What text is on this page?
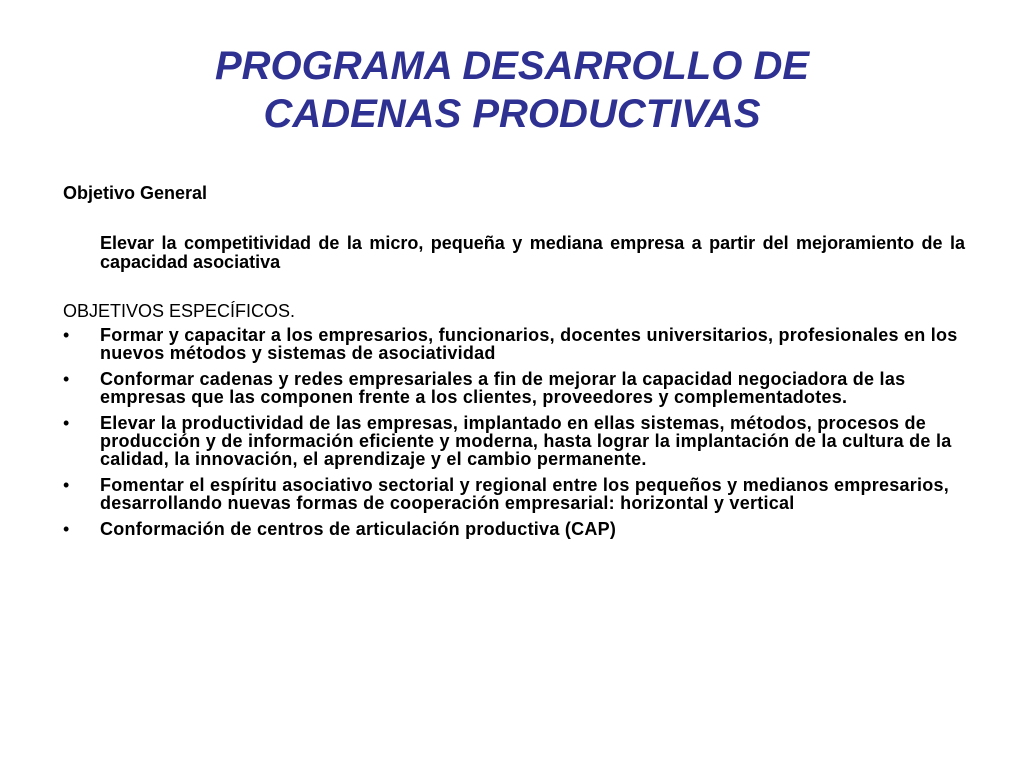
PROGRAMA DESARROLLO DE
CADENAS PRODUCTIVAS

Objetivo General

Elevar la competitividad de la micro, pequeña y mediana empresa a partir del mejoramiento de la capacidad asociativa

OBJETIVOS ESPECÍFICOS.

• Formar y capacitar a los empresarios, funcionarios, docentes universitarios, profesionales en los nuevos métodos y sistemas de asociatividad
• Conformar cadenas y redes empresariales a fin de mejorar la capacidad negociadora de las empresas que las componen frente a los clientes, proveedores y complementadotes.
• Elevar la productividad de las empresas, implantado en ellas sistemas, métodos, procesos de producción y de información eficiente y moderna, hasta lograr la implantación de la cultura de la calidad, la innovación, el aprendizaje y el cambio permanente.
• Fomentar el espíritu asociativo sectorial y regional entre los pequeños y medianos empresarios, desarrollando nuevas formas de cooperación empresarial: horizontal y vertical
• Conformación de centros de articulación productiva (CAP)
